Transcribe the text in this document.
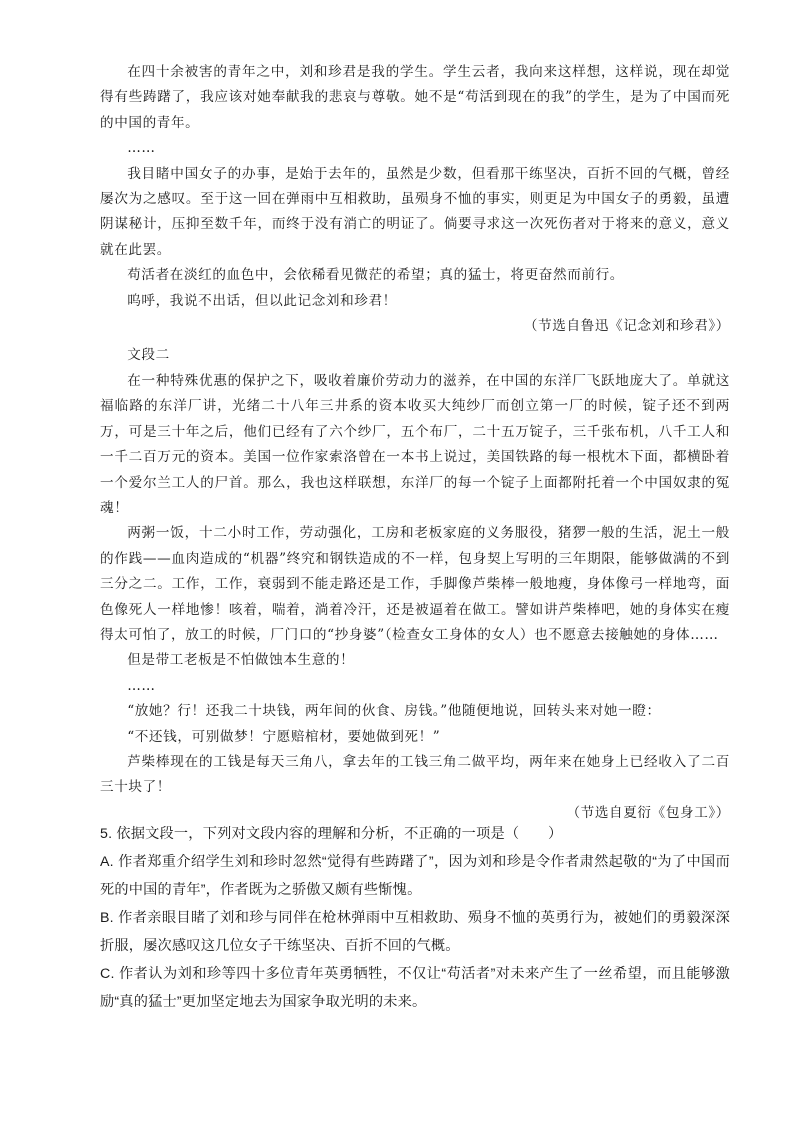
在四十余被害的青年之中，刘和珍君是我的学生。学生云者，我向来这样想，这样说，现在却觉得有些踌躇了，我应该对她奉献我的悲哀与尊敬。她不是“苟活到现在的我”的学生，是为了中国而死的中国的青年。

……

我目睹中国女子的办事，是始于去年的，虽然是少数，但看那干练坚决，百折不回的气概，曾经屡次为之感叹。至于这一回在弹雨中互相救助，虽殒身不恤的事实，则更足为中国女子的勇毅，虽遭阴谋秘计，压抑至数千年，而终于没有消亡的明证了。倘要寻求这一次死伤者对于将来的意义，意义就在此罢。

苟活者在淡红的血色中，会依稀看见微茫的希望；真的猛士，将更奋然而前行。

呜呼，我说不出话，但以此记念刘和珍君！

（节选自鲁迅《记念刘和珍君》）

文段二

在一种特殊优惠的保护之下，吸收着廉价劳动力的滋养，在中国的东洋厂飞跃地庞大了。单就这福临路的东洋厂讲，光绪二十八年三井系的资本收买大纯纱厂而创立第一厂的时候，锭子还不到两万，可是三十年之后，他们已经有了六个纱厂，五个布厂，二十五万锭子，三千张布机，八千工人和一千二百万元的资本。美国一位作家索洛曾在一本书上说过，美国铁路的每一根枕木下面，都横卧着一个爱尔兰工人的尸首。那么，我也这样联想，东洋厂的每一个锭子上面都附托着一个中国奴隶的冤魂！

两粥一饭，十二小时工作，劳动强化，工房和老板家庭的义务服役，猪猡一般的生活，泥土一般的作践——血肉造成的“机器”终究和钢铁造成的不一样，包身契上写明的三年期限，能够做满的不到三分之二。工作，工作，衰弱到不能走路还是工作，手脚像芦柴棒一般地瘦，身体像弓一样地弯，面色像死人一样地惨！咳着，喘着，淌着冷汗，还是被逼着在做工。譬如讲芦柴棒吧，她的身体实在瘦得太可怕了，放工的时候，厂门口的“抄身婆”（检查女工身体的女人）也不愿意去接触她的身体……

但是带工老板是不怕做蚀本生意的！

……

“放她？行！还我二十块钱，两年间的伙食、房钱。”他随便地说，回转头来对她一瞪：

“不还钱，可别做梦！宁愿赔棺材，要她做到死！”

芦柴棒现在的工钱是每天三角八，拿去年的工钱三角二做平均，两年来在她身上已经收入了二百三十块了！

（节选自夏衍《包身工》）

5. 依据文段一，下列对文段内容的理解和分析，不正确的一项是（　　）

A. 作者郑重介绍学生刘和珍时忽然“觉得有些踌躇了”，因为刘和珍是令作者肃然起敬的“为了中国而死的中国的青年”，作者既为之骄傲又颇有些惭愧。

B. 作者亲眼目睹了刘和珍与同伴在枪林弹雨中互相救助、殒身不恤的英勇行为，被她们的勇毅深深折服，屡次感叹这几位女子干练坚决、百折不回的气概。

C. 作者认为刘和珍等四十多位青年英勇牺牲，不仅让“苟活者”对未来产生了一丝希望，而且能够激励“真的猛士”更加坚定地去为国家争取光明的未来。
